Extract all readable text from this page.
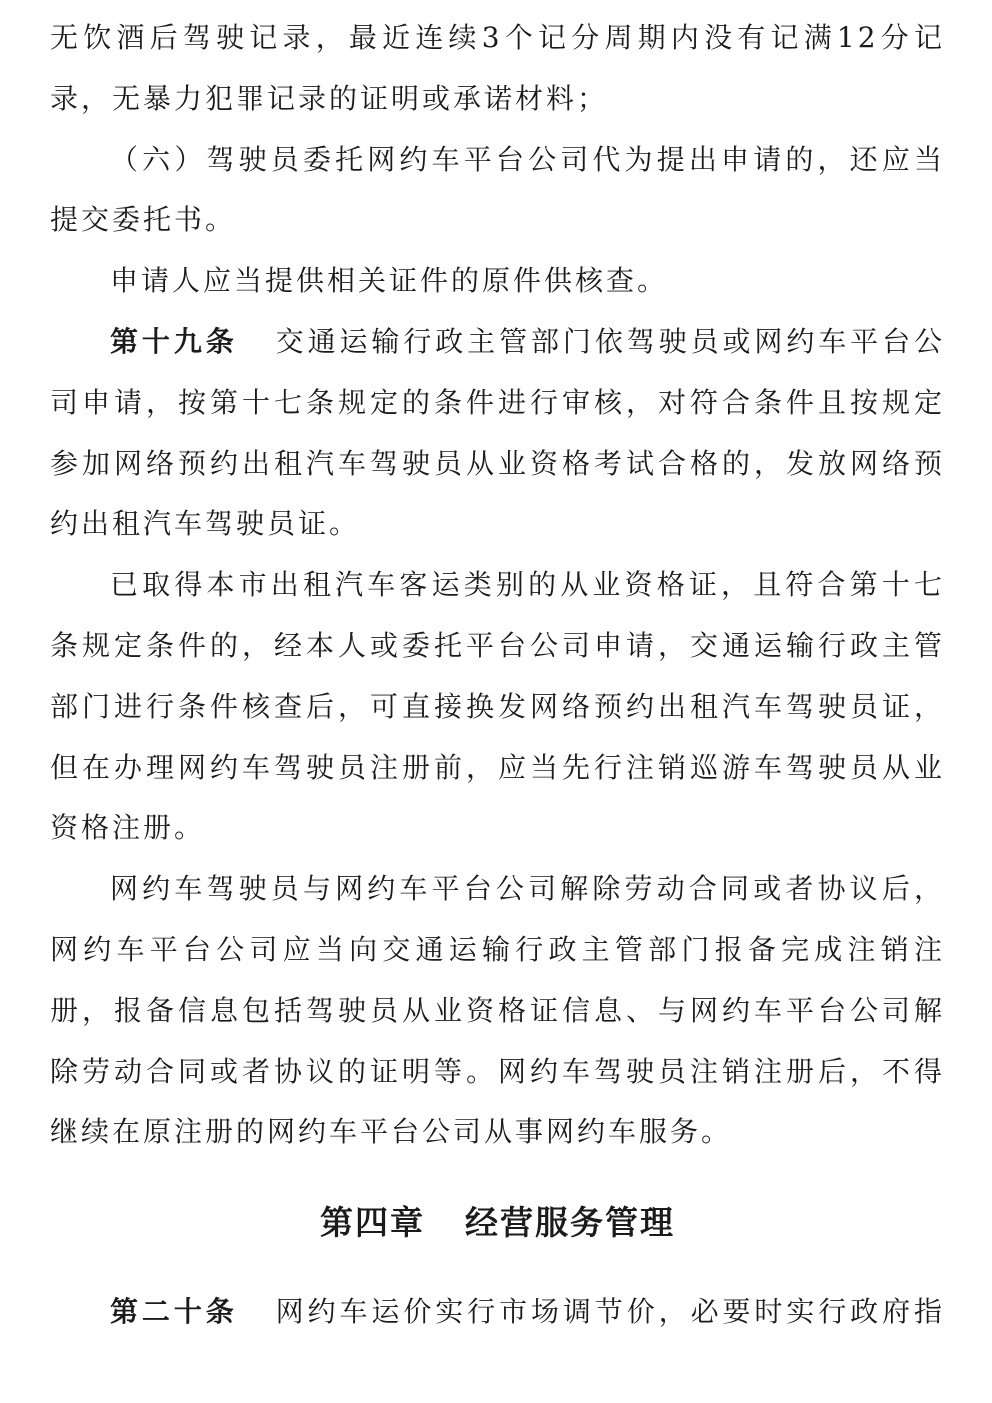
无饮酒后驾驶记录，最近连续3个记分周期内没有记满12分记
录，无暴力犯罪记录的证明或承诺材料；
（六）驾驶员委托网约车平台公司代为提出申请的，还应当
提交委托书。
申请人应当提供相关证件的原件供核查。
第十九条 交通运输行政主管部门依驾驶员或网约车平台公
司申请，按第十七条规定的条件进行审核，对符合条件且按规定
参加网络预约出租汽车驾驶员从业资格考试合格的，发放网络预
约出租汽车驾驶员证。
已取得本市出租汽车客运类别的从业资格证，且符合第十七
条规定条件的，经本人或委托平台公司申请，交通运输行政主管
部门进行条件核查后，可直接换发网络预约出租汽车驾驶员证，
但在办理网约车驾驶员注册前，应当先行注销巡游车驾驶员从业
资格注册。
网约车驾驶员与网约车平台公司解除劳动合同或者协议后，
网约车平台公司应当向交通运输行政主管部门报备完成注销注
册，报备信息包括驾驶员从业资格证信息、与网约车平台公司解
除劳动合同或者协议的证明等。网约车驾驶员注销注册后，不得
继续在原注册的网约车平台公司从事网约车服务。
第四章 经营服务管理
第二十条 网约车运价实行市场调节价，必要时实行政府指
